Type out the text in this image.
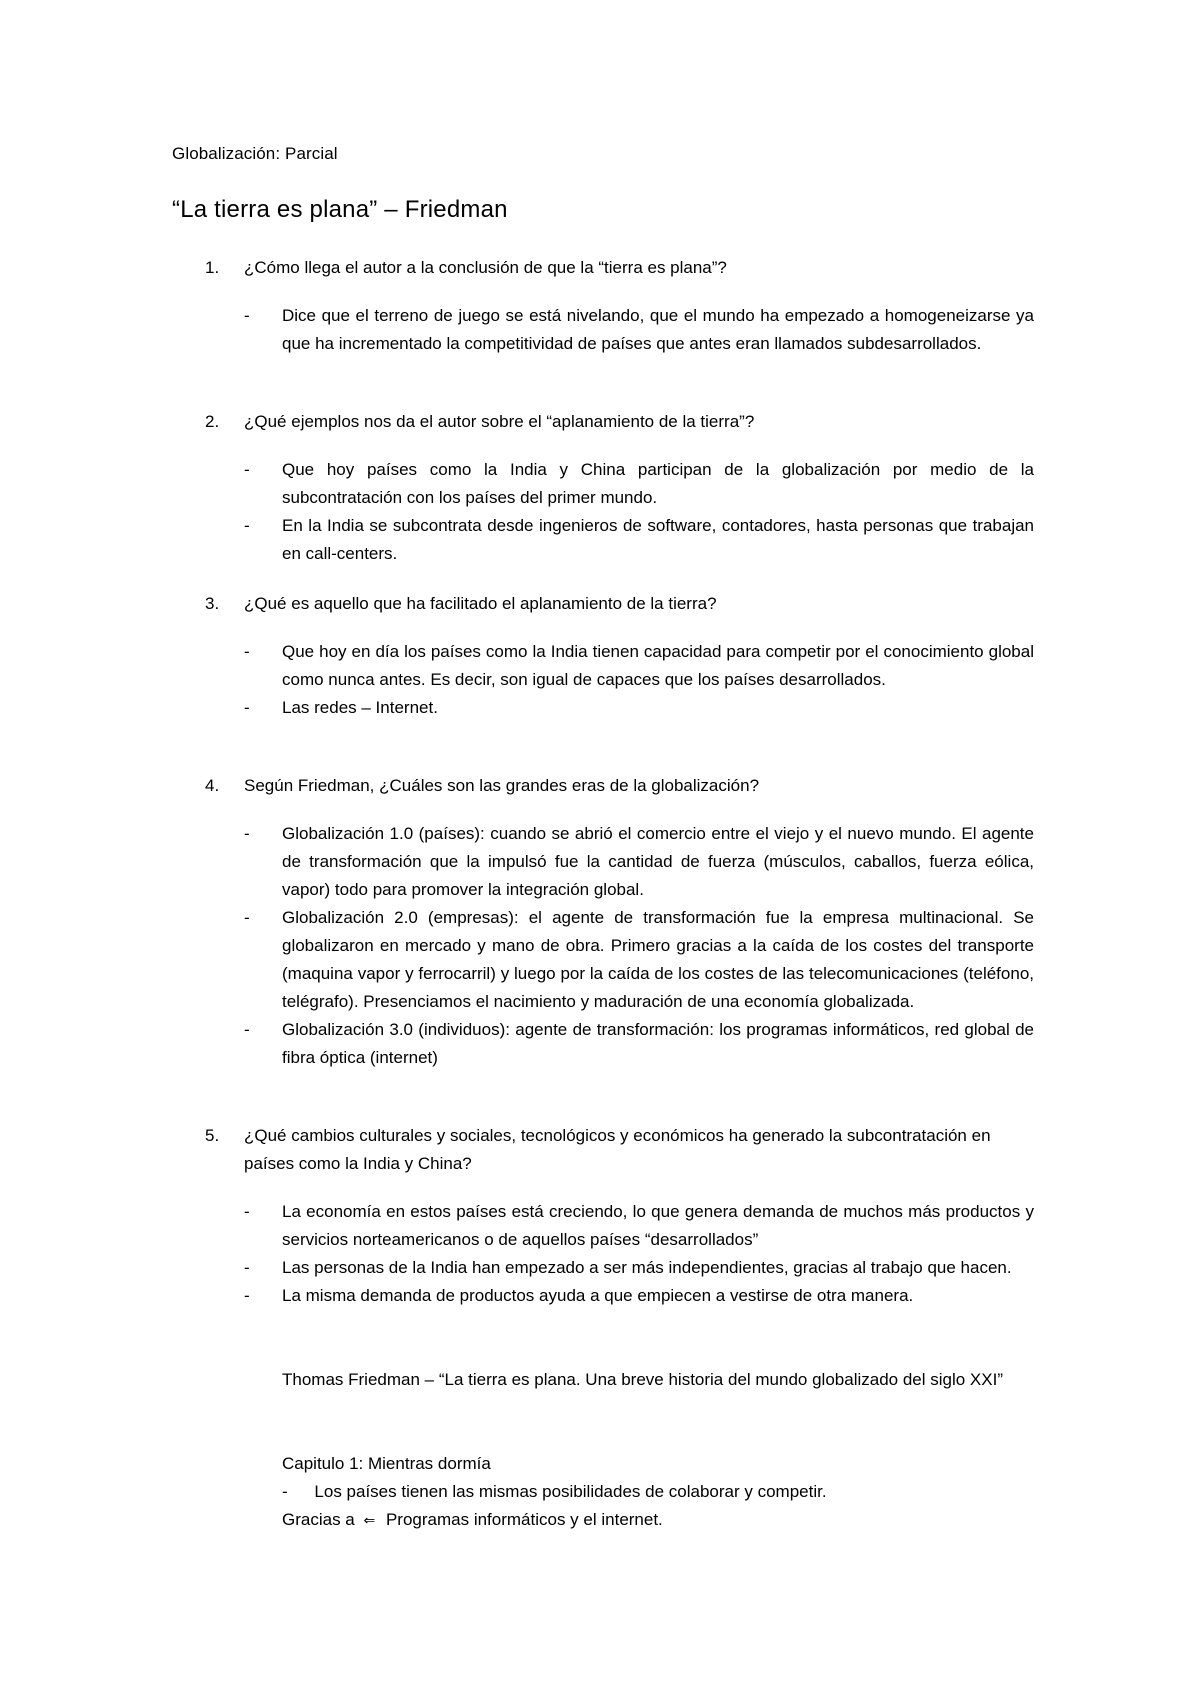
Globalización: Parcial
“La tierra es plana” – Friedman
1.	¿Cómo llega el autor a la conclusión de que la “tierra es plana”?
- Dice que el terreno de juego se está nivelando, que el mundo ha empezado a homogeneizarse ya que ha incrementado la competitividad de países que antes eran llamados subdesarrollados.
2.	¿Qué ejemplos nos da el autor sobre el “aplanamiento de la tierra”?
- Que hoy países como la India y China participan de la globalización por medio de la subcontratación con los países del primer mundo.
- En la India se subcontrata desde ingenieros de software, contadores, hasta personas que trabajan en call-centers.
3.	¿Qué es aquello que ha facilitado el aplanamiento de la tierra?
- Que hoy en día los países como la India tienen capacidad para competir por el conocimiento global como nunca antes. Es decir, son igual de capaces que los países desarrollados.
- Las redes – Internet.
4.	Según Friedman, ¿Cuáles son las grandes eras de la globalización?
- Globalización 1.0 (países): cuando se abrió el comercio entre el viejo y el nuevo mundo. El agente de transformación que la impulsó fue la cantidad de fuerza (músculos, caballos, fuerza eólica, vapor) todo para promover la integración global.
- Globalización 2.0 (empresas): el agente de transformación fue la empresa multinacional. Se globalizaron en mercado y mano de obra. Primero gracias a la caída de los costes del transporte (maquina vapor y ferrocarril) y luego por la caída de los costes de las telecomunicaciones (teléfono, telégrafo). Presenciamos el nacimiento y maduración de una economía globalizada.
- Globalización 3.0 (individuos): agente de transformación: los programas informáticos, red global de fibra óptica (internet)
5.	¿Qué cambios culturales y sociales, tecnológicos y económicos ha generado la subcontratación en países como la India y China?
- La economía en estos países está creciendo, lo que genera demanda de muchos más productos y servicios norteamericanos o de aquellos países “desarrollados”
- Las personas de la India han empezado a ser más independientes, gracias al trabajo que hacen.
- La misma demanda de productos ayuda a que empiecen a vestirse de otra manera.
Thomas Friedman – “La tierra es plana. Una breve historia del mundo globalizado del siglo XXI”
Capitulo 1: Mientras dormía
- Los países tienen las mismas posibilidades de colaborar y competir.
Gracias a ⇐ Programas informáticos y el internet.
